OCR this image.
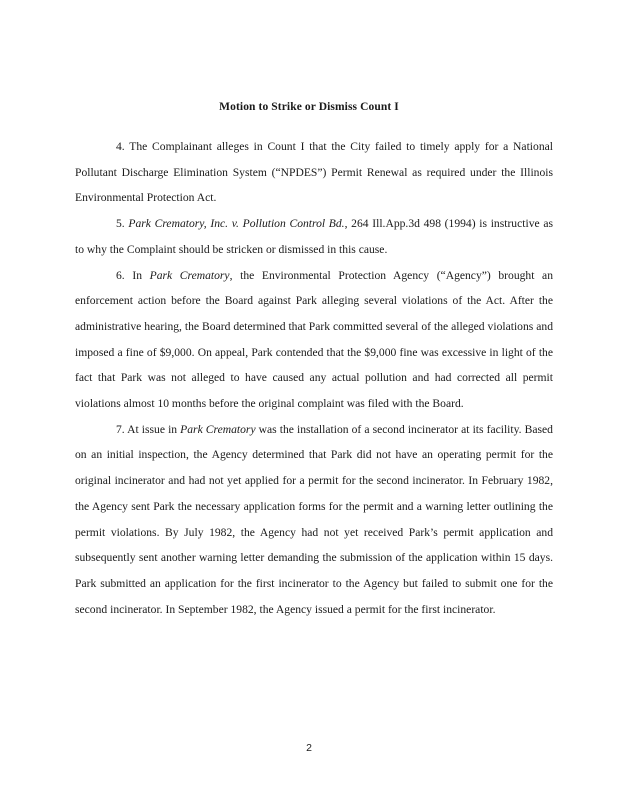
Motion to Strike or Dismiss Count I

4. The Complainant alleges in Count I that the City failed to timely apply for a National Pollutant Discharge Elimination System (“NPDES”) Permit Renewal as required under the Illinois Environmental Protection Act.

5. Park Crematory, Inc. v. Pollution Control Bd., 264 Ill.App.3d 498 (1994) is instructive as to why the Complaint should be stricken or dismissed in this cause.

6. In Park Crematory, the Environmental Protection Agency (“Agency”) brought an enforcement action before the Board against Park alleging several violations of the Act. After the administrative hearing, the Board determined that Park committed several of the alleged violations and imposed a fine of $9,000. On appeal, Park contended that the $9,000 fine was excessive in light of the fact that Park was not alleged to have caused any actual pollution and had corrected all permit violations almost 10 months before the original complaint was filed with the Board.

7. At issue in Park Crematory was the installation of a second incinerator at its facility. Based on an initial inspection, the Agency determined that Park did not have an operating permit for the original incinerator and had not yet applied for a permit for the second incinerator. In February 1982, the Agency sent Park the necessary application forms for the permit and a warning letter outlining the permit violations. By July 1982, the Agency had not yet received Park’s permit application and subsequently sent another warning letter demanding the submission of the application within 15 days. Park submitted an application for the first incinerator to the Agency but failed to submit one for the second incinerator. In September 1982, the Agency issued a permit for the first incinerator.

2
